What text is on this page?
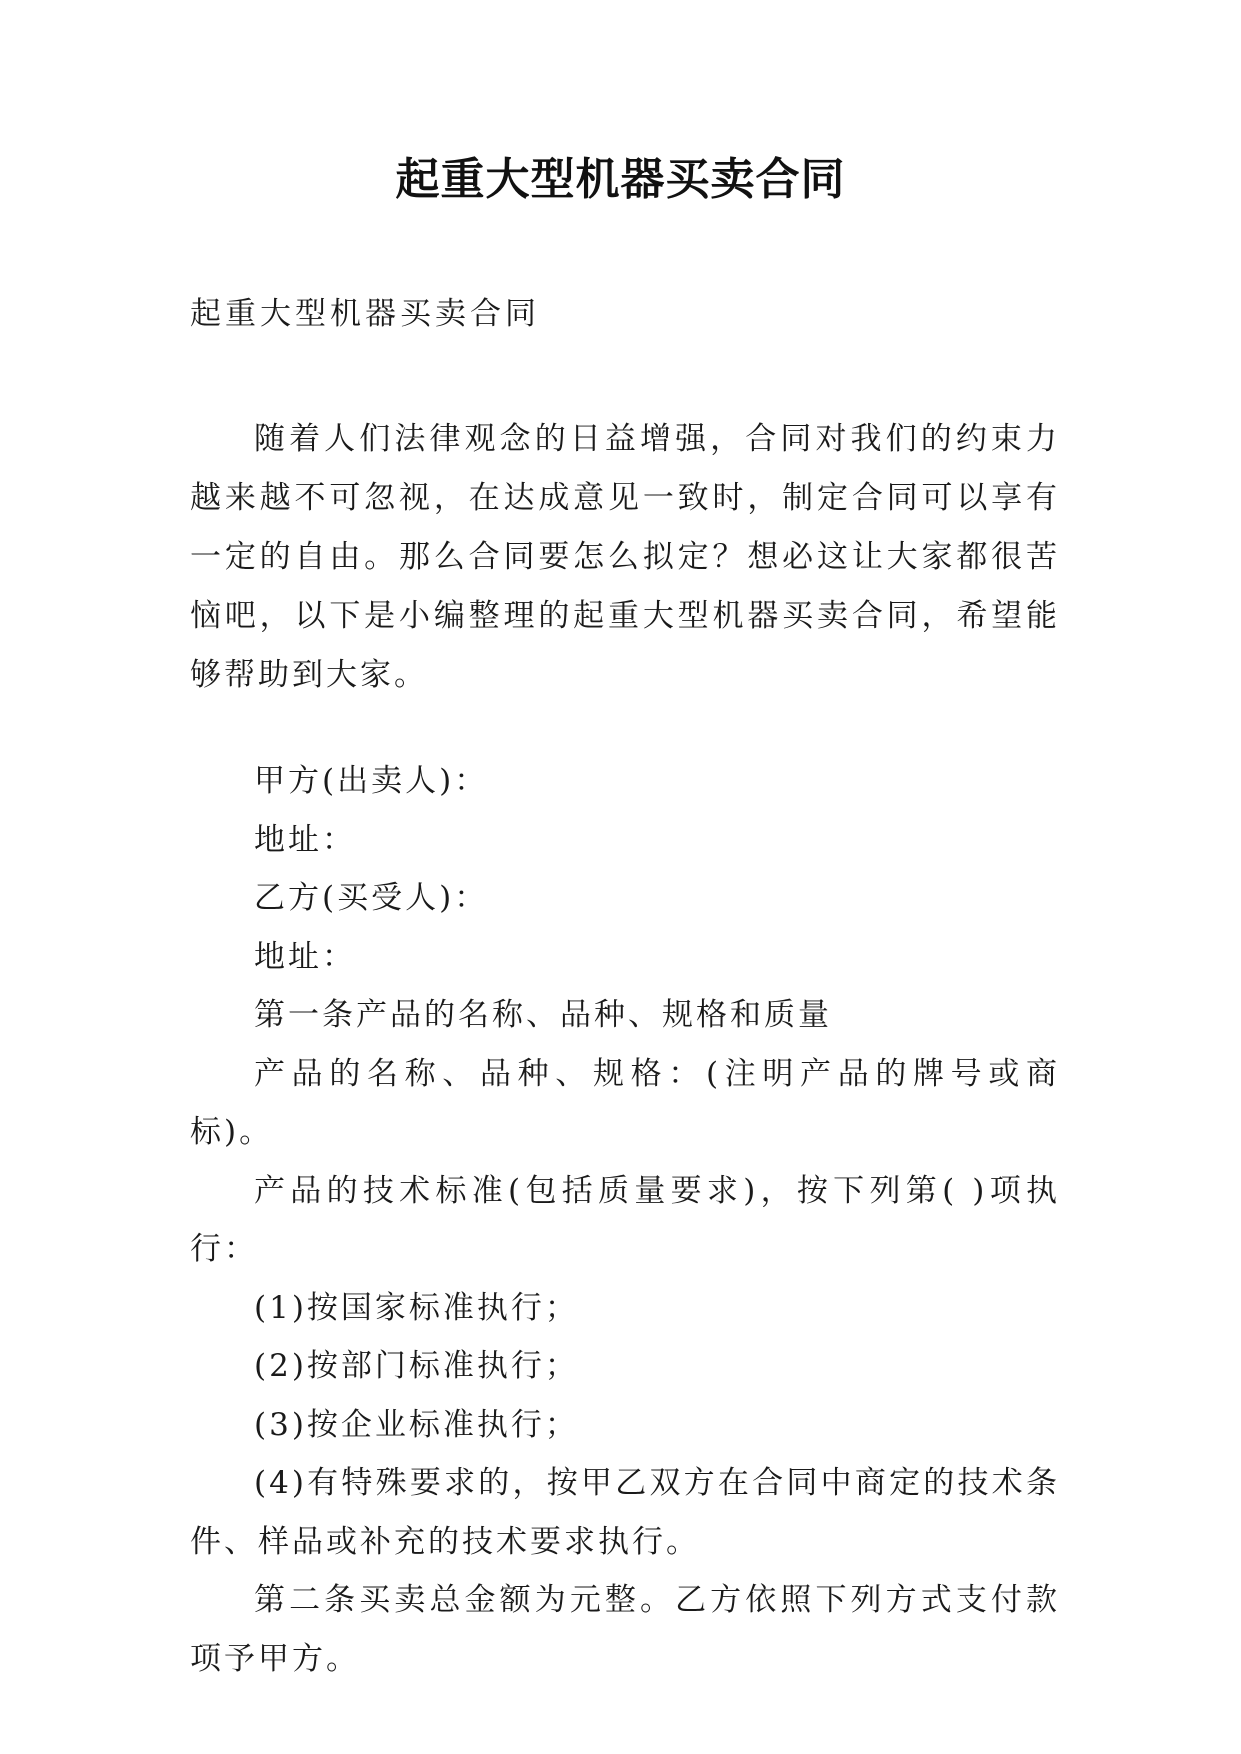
起重大型机器买卖合同
起重大型机器买卖合同

随着人们法律观念的日益增强，合同对我们的约束力越来越不可忽视，在达成意见一致时，制定合同可以享有一定的自由。那么合同要怎么拟定？想必这让大家都很苦恼吧，以下是小编整理的起重大型机器买卖合同，希望能够帮助到大家。

甲方(出卖人)：

地址：

乙方(买受人)：

地址：

第一条产品的名称、品种、规格和质量

产品的名称、品种、规格：(注明产品的牌号或商标)。

产品的技术标准(包括质量要求)，按下列第( )项执行：

(1)按国家标准执行；

(2)按部门标准执行；

(3)按企业标准执行；

(4)有特殊要求的，按甲乙双方在合同中商定的技术条件、样品或补充的技术要求执行。

第二条买卖总金额为元整。乙方依照下列方式支付款项予甲方。
